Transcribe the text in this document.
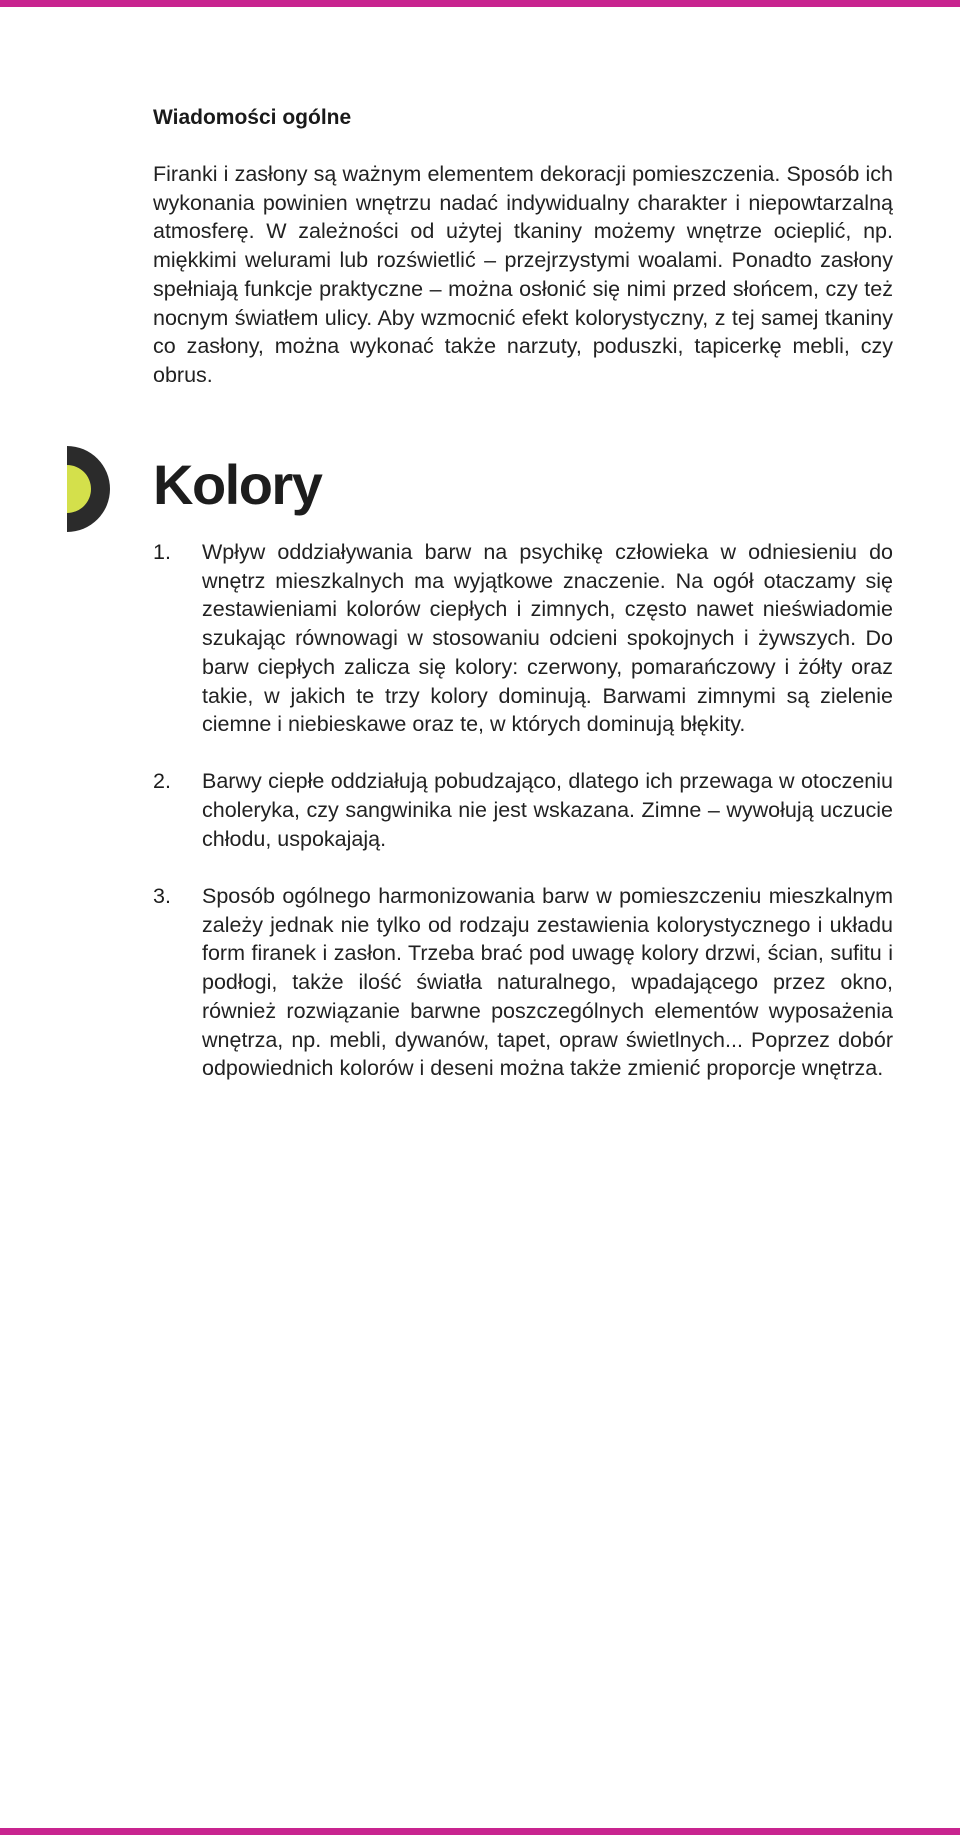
Wiadomości ogólne

Firanki i zasłony są ważnym elementem dekoracji pomieszczenia. Sposób ich wykonania powinien wnętrzu nadać indywidualny charakter i niepowtarzalną atmosferę. W zależności od użytej tkaniny możemy wnętrze ocieplić, np. miękkimi welurami lub rozświetlić – przejrzystymi woalami. Ponadto zasłony spełniają funkcje praktyczne – można osłonić się nimi przed słońcem, czy też nocnym światłem ulicy. Aby wzmocnić efekt kolorystyczny, z tej samej tkaniny co zasłony, można wykonać także narzuty, poduszki, tapicerkę mebli, czy obrus.

Kolory
1. Wpływ oddziaływania barw na psychikę człowieka w odniesieniu do wnętrz mieszkalnych ma wyjątkowe znaczenie. Na ogół otaczamy się zestawieniami kolorów ciepłych i zimnych, często nawet nieświadomie szukając równowagi w stosowaniu odcieni spokojnych i żywszych. Do barw ciepłych zalicza się kolory: czerwony, pomarańczowy i żółty oraz takie, w jakich te trzy kolory dominują. Barwami zimnymi są zielenie ciemne i niebieskawe oraz te, w których dominują błękity.
2. Barwy ciepłe oddziałują pobudzająco, dlatego ich przewaga w otoczeniu choleryka, czy sangwinika nie jest wskazana. Zimne – wywołują uczucie chłodu, uspokajają.
3. Sposób ogólnego harmonizowania barw w pomieszczeniu mieszkalnym zależy jednak nie tylko od rodzaju zestawienia kolorystycznego i układu form firanek i zasłon. Trzeba brać pod uwagę kolory drzwi, ścian, sufitu i podłogi, także ilość światła naturalnego, wpadającego przez okno, również rozwiązanie barwne poszczególnych elementów wyposażenia wnętrza, np. mebli, dywanów, tapet, opraw świetlnych... Poprzez dobór odpowiednich kolorów i deseni można także zmienić proporcje wnętrza.
